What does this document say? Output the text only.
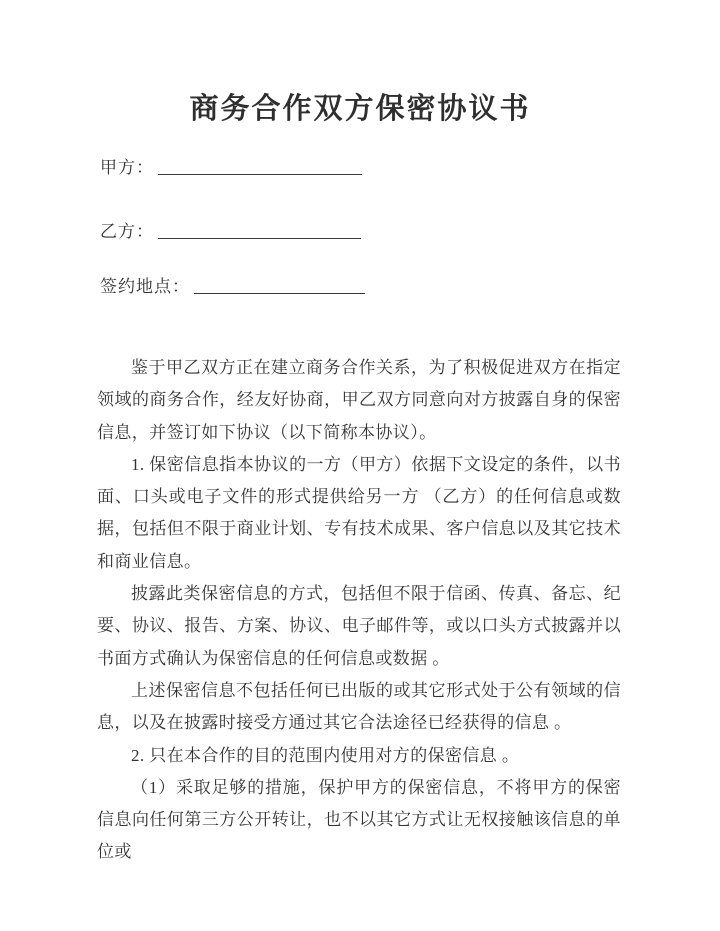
商务合作双方保密协议书
甲方：
乙方：
签约地点：

鉴于甲乙双方正在建立商务合作关系，为了积极促进双方在指定领域的商务合作，经友好协商，甲乙双方同意向对方披露自身的保密信息，并签订如下协议（以下简称本协议）。

1. 保密信息指本协议的一方（甲方）依据下文设定的条件，以书面、口头或电子文件的形式提供给另一方 （乙方）的任何信息或数据，包括但不限于商业计划、专有技术成果、客户信息以及其它技术和商业信息。

披露此类保密信息的方式，包括但不限于信函、传真、备忘、纪要、协议、报告、方案、协议、电子邮件等，或以口头方式披露并以书面方式确认为保密信息的任何信息或数据 。

上述保密信息不包括任何已出版的或其它形式处于公有领域的信息，以及在披露时接受方通过其它合法途径已经获得的信息 。

2. 只在本合作的目的范围内使用对方的保密信息 。

（1）采取足够的措施，保护甲方的保密信息，不将甲方的保密信息向任何第三方公开转让，也不以其它方式让无权接触该信息的单位或
